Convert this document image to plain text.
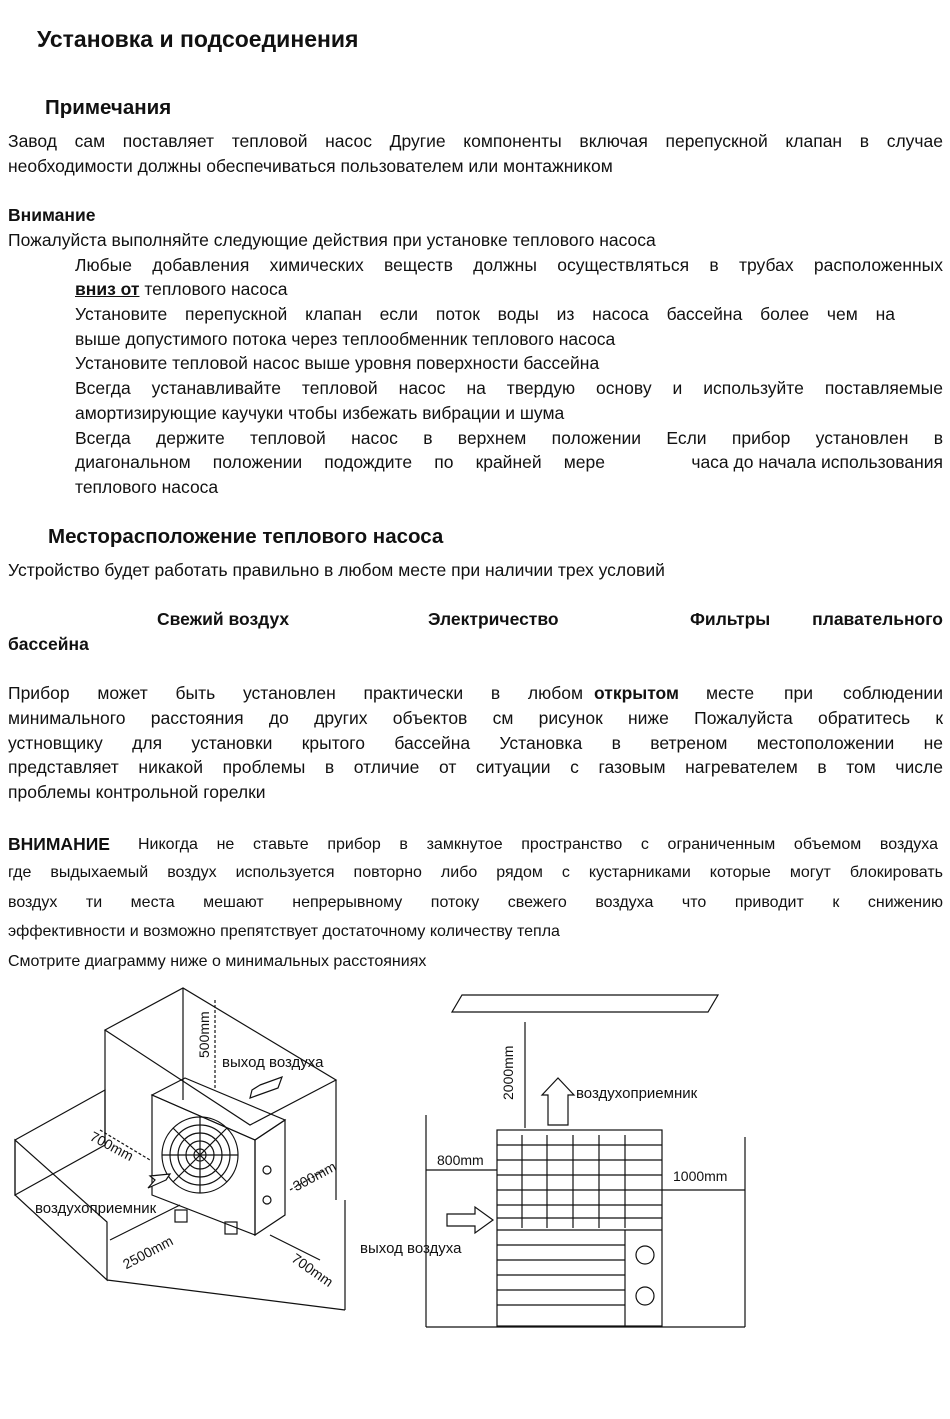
Установка и подсоединения
Примечания
Завод сам поставляет тепловой насос Другие компоненты включая перепускной клапан в случае
необходимости должны обеспечиваться пользователем или монтажником
Внимание
Пожалуйста выполняйте следующие действия при установке теплового насоса
Любые добавления химических веществ должны осуществляться в трубах расположенных
вниз от теплового насоса
Установите перепускной клапан если поток воды из насоса бассейна более чем на
выше допустимого потока через теплообменник теплового насоса
Установите тепловой насос выше уровня поверхности бассейна
Всегда устанавливайте тепловой насос на твердую основу и используйте поставляемые
амортизирующие каучуки чтобы избежать вибрации и шума
Всегда держите тепловой насос в верхнем положении Если прибор установлен в
диагональном положении подождите по крайней мере	часа до начала использования
теплового насоса
Месторасположение теплового насоса
Устройство будет работать правильно в любом месте при наличии трех условий
Свежий воздух	Электричество	Фильтры плавательного
бассейна
Прибор может быть установлен практически в любом открытом месте при соблюдении
минимального расстояния до других объектов см рисунок ниже Пожалуйста обратитесь к
устновщику для установки крытого бассейна Установка в ветреном местоположении не
представляет никакой проблемы в отличие от ситуации с газовым нагревателем в том числе
проблемы контрольной горелки
ВНИМАНИЕ Никогда не ставьте прибор в замкнутое пространство с ограниченным объемом воздуха
где выдыхаемый воздух используется повторно либо рядом с кустарниками которые могут блокировать
воздух ти места мешают непрерывному потоку свежего воздуха что приводит к снижению
эффективности и возможно препятствует достаточному количеству тепла
Смотрите диаграмму ниже о минимальных расстояниях
выход воздуха
воздухоприемник
500mm
700mm
300mm
2500mm	700mm
воздухоприемник
выход воздуха
2000mm
800mm
1000mm
